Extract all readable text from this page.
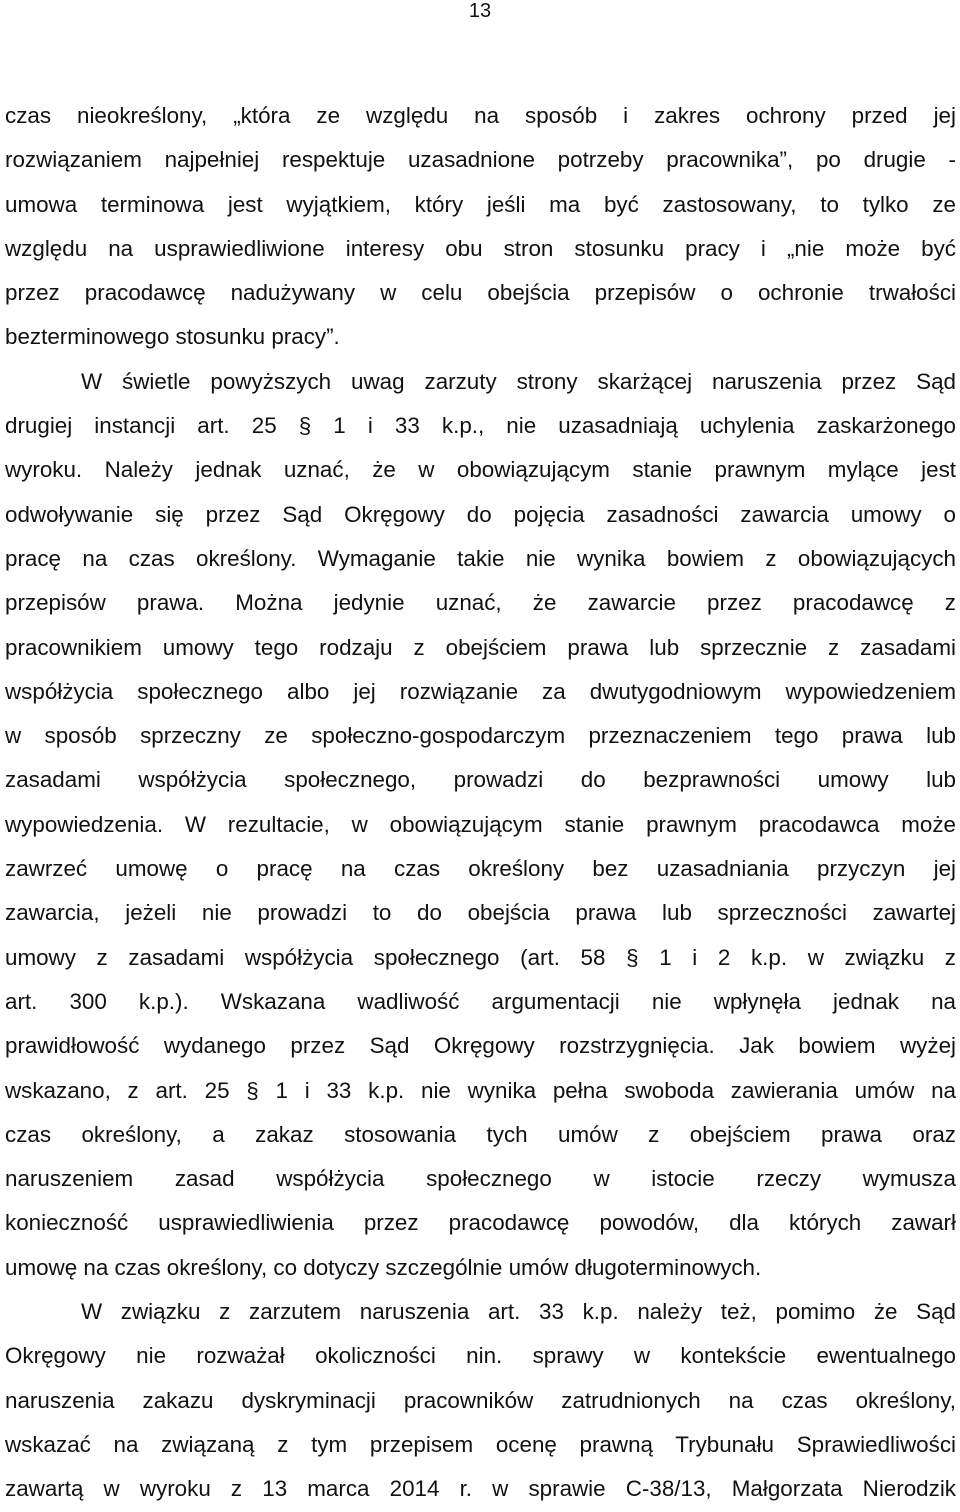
13
czas nieokreślony, „która ze względu na sposób i zakres ochrony przed jej
rozwiązaniem najpełniej respektuje uzasadnione potrzeby pracownika”, po drugie -
umowa terminowa jest wyjątkiem, który jeśli ma być zastosowany, to tylko ze
względu na usprawiedliwione interesy obu stron stosunku pracy i „nie może być
przez pracodawcę nadużywany w celu obejścia przepisów o ochronie trwałości
bezterminowego stosunku pracy”.
W świetle powyższych uwag zarzuty strony skarżącej naruszenia przez Sąd
drugiej instancji art. 25 § 1 i 33 k.p., nie uzasadniają uchylenia zaskarżonego
wyroku. Należy jednak uznać, że w obowiązującym stanie prawnym mylące jest
odwoływanie się przez Sąd Okręgowy do pojęcia zasadności zawarcia umowy o
pracę na czas określony. Wymaganie takie nie wynika bowiem z obowiązujących
przepisów prawa. Można jedynie uznać, że zawarcie przez pracodawcę z
pracownikiem umowy tego rodzaju z obejściem prawa lub sprzecznie z zasadami
współżycia społecznego albo jej rozwiązanie za dwutygodniowym wypowiedzeniem
w sposób sprzeczny ze społeczno-gospodarczym przeznaczeniem tego prawa lub
zasadami współżycia społecznego, prowadzi do bezprawności umowy lub
wypowiedzenia. W rezultacie, w obowiązującym stanie prawnym pracodawca może
zawrzeć umowę o pracę na czas określony bez uzasadniania przyczyn jej
zawarcia, jeżeli nie prowadzi to do obejścia prawa lub sprzeczności zawartej
umowy z zasadami współżycia społecznego (art. 58 § 1 i 2 k.p. w związku z
art. 300 k.p.). Wskazana wadliwość argumentacji nie wpłynęła jednak na
prawidłowość wydanego przez Sąd Okręgowy rozstrzygnięcia. Jak bowiem wyżej
wskazano, z art. 25 § 1 i 33 k.p. nie wynika pełna swoboda zawierania umów na
czas określony, a zakaz stosowania tych umów z obejściem prawa oraz
naruszeniem zasad współżycia społecznego w istocie rzeczy wymusza
konieczność usprawiedliwienia przez pracodawcę powodów, dla których zawarł
umowę na czas określony, co dotyczy szczególnie umów długoterminowych.
W związku z zarzutem naruszenia art. 33 k.p. należy też, pomimo że Sąd
Okręgowy nie rozważał okoliczności nin. sprawy w kontekście ewentualnego
naruszenia zakazu dyskryminacji pracowników zatrudnionych na czas określony,
wskazać na związaną z tym przepisem ocenę prawną Trybunału Sprawiedliwości
zawartą w wyroku z 13 marca 2014 r. w sprawie C-38/13, Małgorzata Nierodzik
